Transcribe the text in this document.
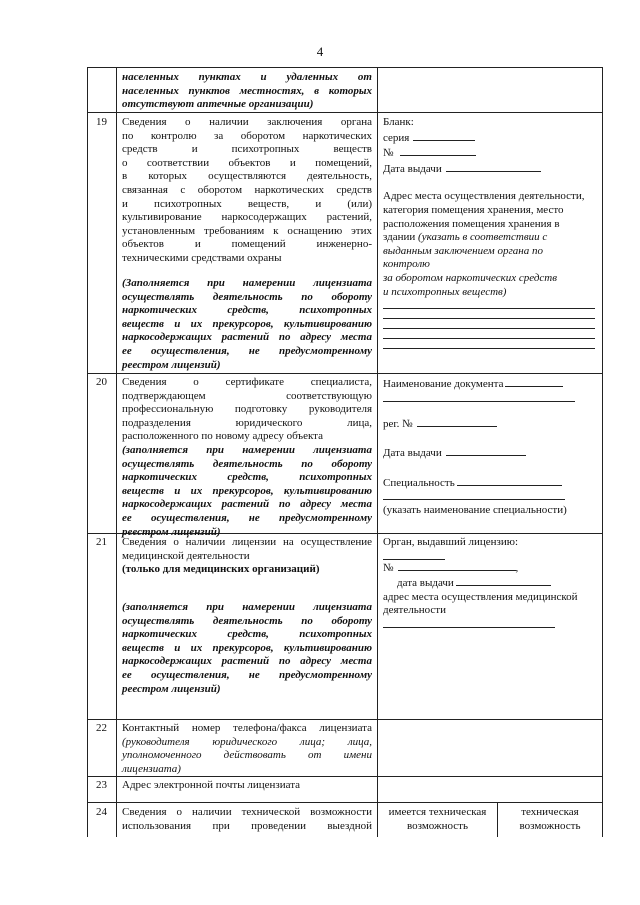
4
населенных пунктах и удаленных от
населенных пунктов местностях, в которых
отсутствуют аптечные организации)
19 Сведения о наличии заключения органа
по контролю за оборотом наркотических
средств и психотропных веществ
о соответствии объектов и помещений,
в которых осуществляются деятельность,
связанная с оборотом наркотических средств
и психотропных веществ, и (или)
культивирование наркосодержащих растений,
установленным требованиям к оснащению этих
объектов и помещений инженерно-
техническими средствами охраны
(Заполняется при намерении лицензиата
осуществлять деятельность по обороту
наркотических средств, психотропных
веществ и их прекурсоров, культивированию
наркосодержащих растений по адресу места
ее осуществления, не предусмотренному
реестром лицензий)
Бланк:
серия
№
Дата выдачи
Адрес места осуществления деятельности,
категория помещения хранения, место
расположения помещения хранения в
здании (указать в соответствии с
выданным заключением органа по
контролю
за оборотом наркотических средств
и психотропных веществ)
20 Сведения о сертификате специалиста,
подтверждающем соответствующую
профессиональную подготовку руководителя
подразделения юридического лица,
расположенного по новому адресу объекта
(заполняется при намерении лицензиата
осуществлять деятельность по обороту
наркотических средств, психотропных
веществ и их прекурсоров, культивированию
наркосодержащих растений по адресу места
ее осуществления, не предусмотренному
реестром лицензий)
Наименование документа
рег. №
Дата выдачи
Специальность
(указать наименование специальности)
21 Сведения о наличии лицензии на осуществление
медицинской деятельности
(только для медицинских организаций)
(заполняется при намерении лицензиата
осуществлять деятельность по обороту
наркотических средств, психотропных
веществ и их прекурсоров, культивированию
наркосодержащих растений по адресу места
ее осуществления, не предусмотренному
реестром лицензий)
Орган, выдавший лицензию:
№	,
дата выдачи
адрес места осуществления медицинской
деятельности
22 Контактный номер телефона/факса лицензиата
(руководителя юридического лица; лица,
уполномоченного действовать от имени
лицензиата)
23 Адрес электронной почты лицензиата
24 Сведения о наличии технической возможности
использования при проведении выездной
имеется техническая
возможность
техническая
возможность
